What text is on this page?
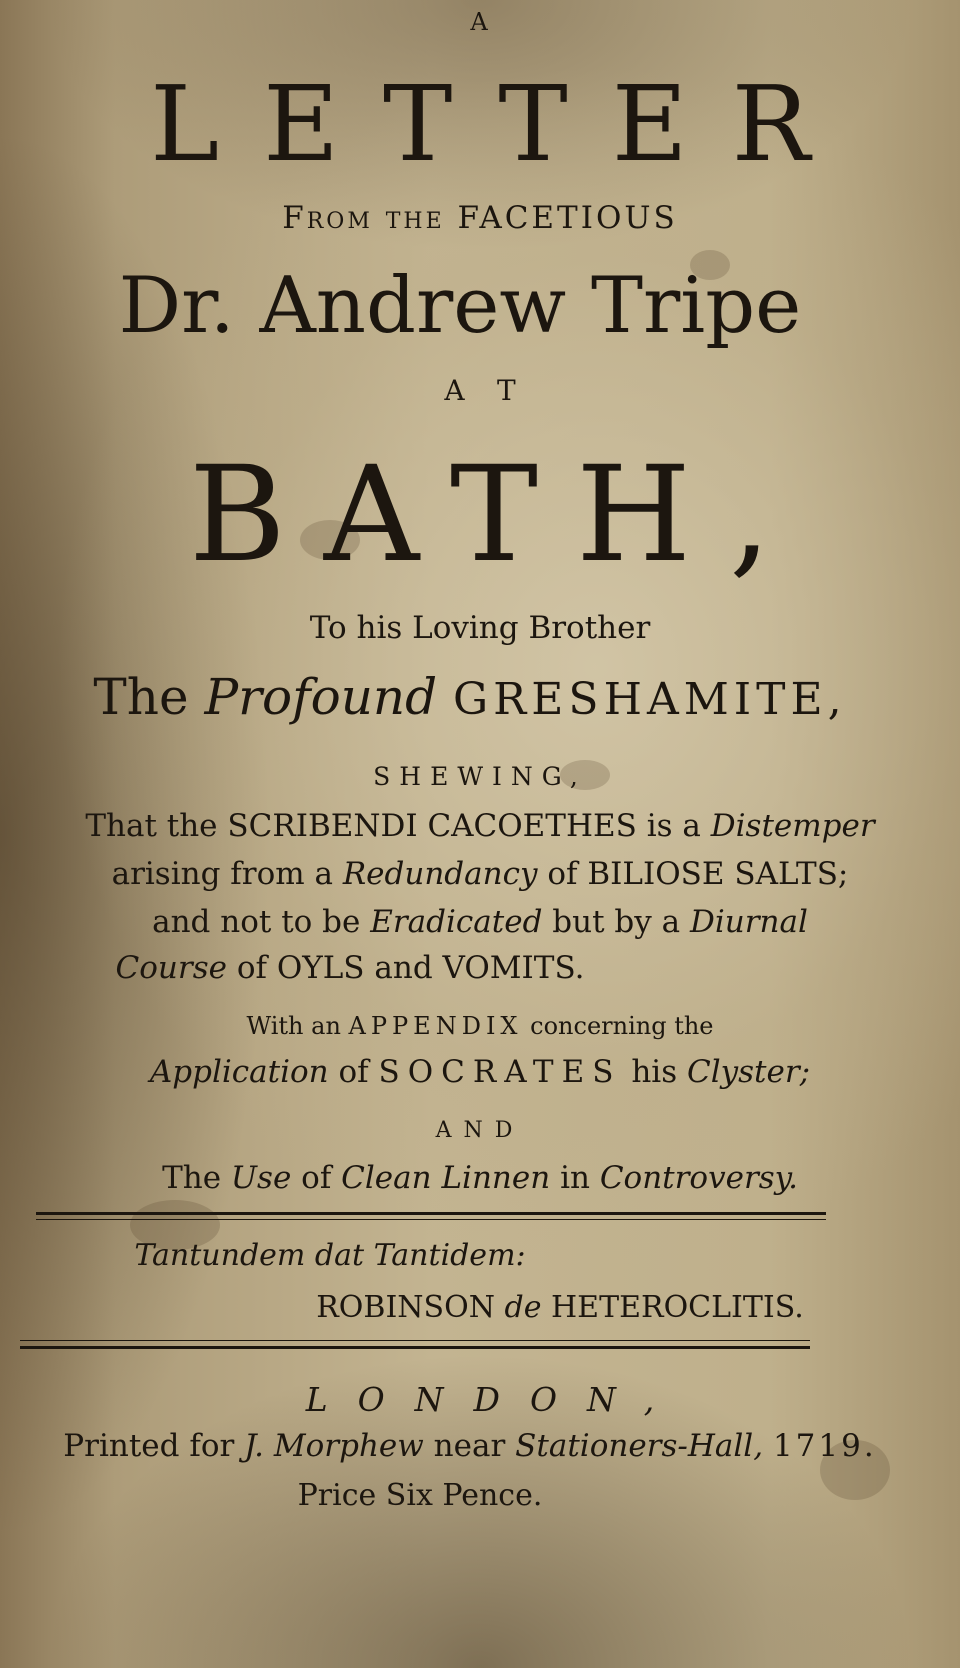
A
LETTER
From the FACETIOUS
Dr. Andrew Tripe
AT
BATH,
To his Loving Brother
The Profound GRESHAMITE,
SHEWING,
That the SCRIBENDI CACOETHES is a Distemper
arising from a Redundancy of BILIOSE SALTS;
and not to be Eradicated but by a Diurnal
Course of OYLS and VOMITS.
With an APPENDIX concerning the
Application of SOCRATES his Clyster;
AND
The Use of Clean Linnen in Controversy.
Tantundem dat Tantidem:
ROBINSON de HETEROCLITIS.
LONDON,
Printed for J. Morphew near Stationers-Hall, 1719.
Price Six Pence.
